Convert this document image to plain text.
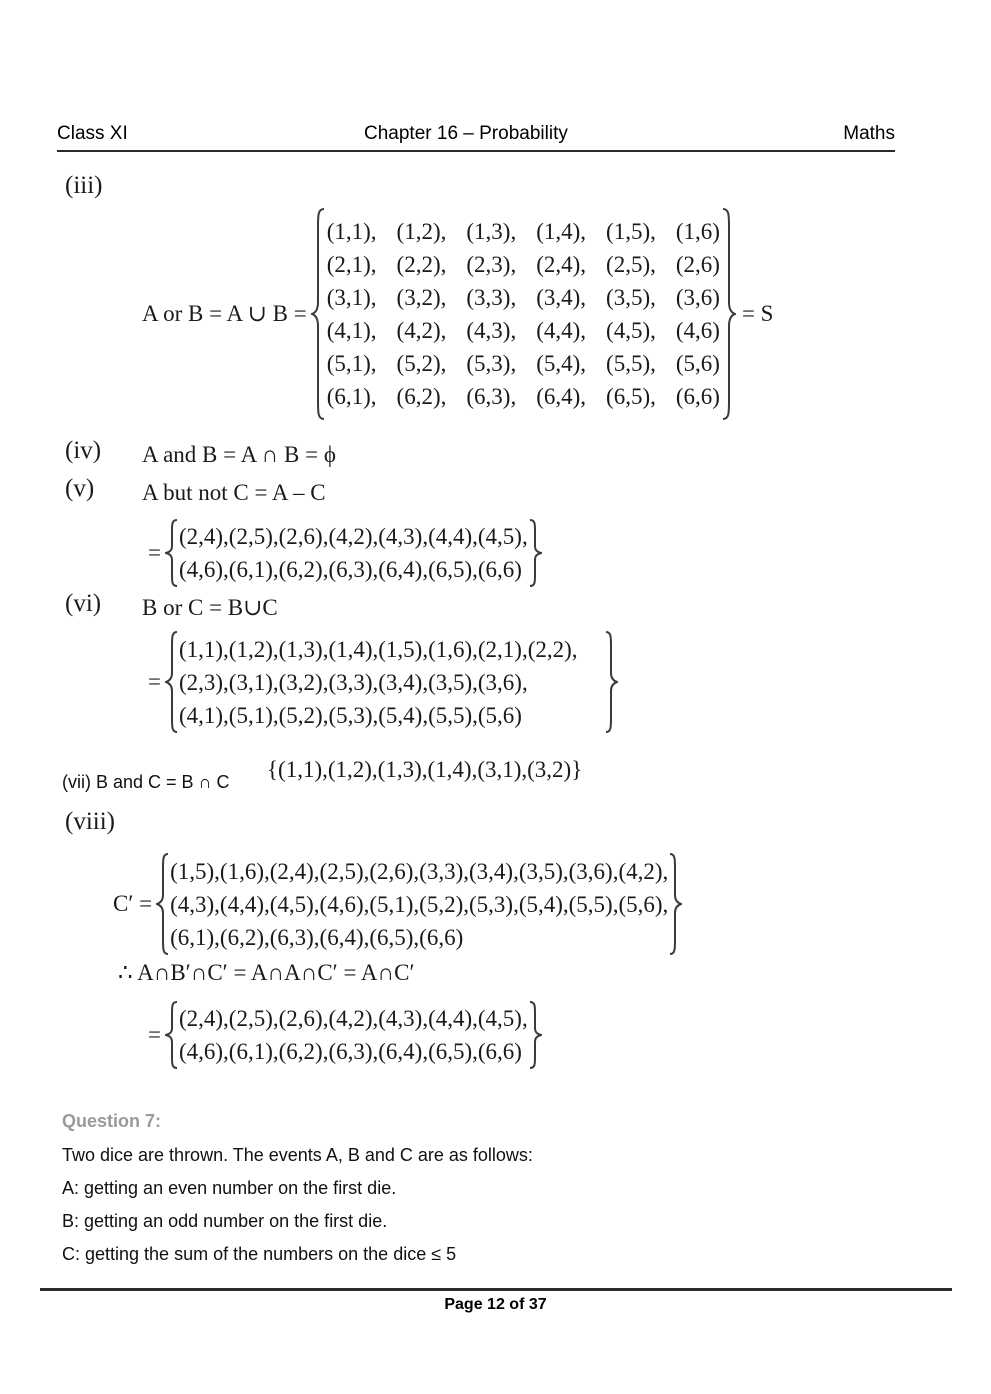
Class XI	Chapter 16 – Probability	Maths
(iii)
A or B = A ∪ B =
(1,1), (1,2), (1,3), (1,4), (1,5), (1,6)
(2,1), (2,2), (2,3), (2,4), (2,5), (2,6)
(3,1), (3,2), (3,3), (3,4), (3,5), (3,6)
(4,1), (4,2), (4,3), (4,4), (4,5), (4,6)
(5,1), (5,2), (5,3), (5,4), (5,5), (5,6)
(6,1), (6,2), (6,3), (6,4), (6,5), (6,6)
= S
(iv) A and B = A ∩ B = ϕ
(v) A but not C = A – C
=
(2,4),(2,5),(2,6),(4,2),(4,3),(4,4),(4,5),
(4,6),(6,1),(6,2),(6,3),(6,4),(6,5),(6,6)
(vi) B or C = B∪C
=
(1,1),(1,2),(1,3),(1,4),(1,5),(1,6),(2,1),(2,2),
(2,3),(3,1),(3,2),(3,3),(3,4),(3,5),(3,6),
(4,1),(5,1),(5,2),(5,3),(5,4),(5,5),(5,6)
(vii) B and C = B ∩ C {(1,1),(1,2),(1,3),(1,4),(3,1),(3,2)}
(viii)
C′ =
(1,5),(1,6),(2,4),(2,5),(2,6),(3,3),(3,4),(3,5),(3,6),(4,2),
(4,3),(4,4),(4,5),(4,6),(5,1),(5,2),(5,3),(5,4),(5,5),(5,6),
(6,1),(6,2),(6,3),(6,4),(6,5),(6,6)
∴ A∩B′∩C′ = A∩A∩C′ = A∩C′
=
(2,4),(2,5),(2,6),(4,2),(4,3),(4,4),(4,5),
(4,6),(6,1),(6,2),(6,3),(6,4),(6,5),(6,6)
Question 7:
Two dice are thrown. The events A, B and C are as follows:
A: getting an even number on the first die.
B: getting an odd number on the first die.
C: getting the sum of the numbers on the dice ≤ 5
Page 12 of 37
